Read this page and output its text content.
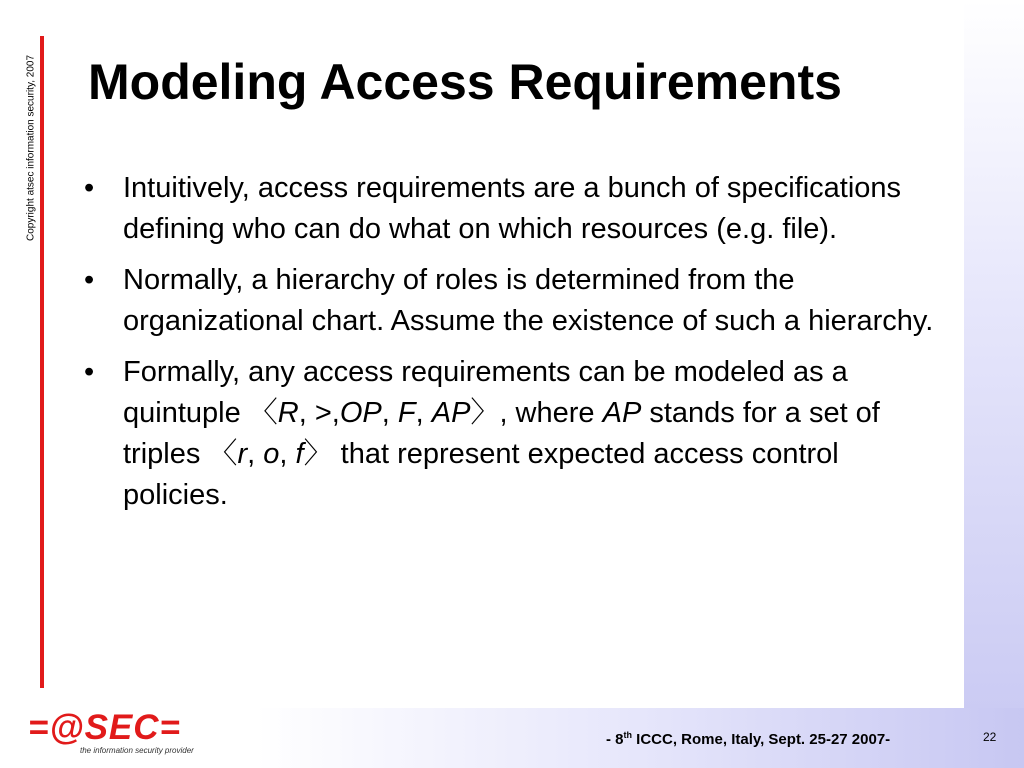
Copyright atsec information security, 2007 Modeling Access Requirements
• Intuitively, access requirements are a bunch of specifications defining who can do what on which resources (e.g. file).
• Normally, a hierarchy of roles is determined from the organizational chart. Assume the existence of such a hierarchy.
• Formally, any access requirements can be modeled as a quintuple 〈R, >,OP, F, AP〉, where AP stands for a set of triples 〈r, o, f〉 that represent expected access control policies.
=@SEC=
the information security provider
- 8th ICCC, Rome, Italy, Sept. 25-27 2007-	22
